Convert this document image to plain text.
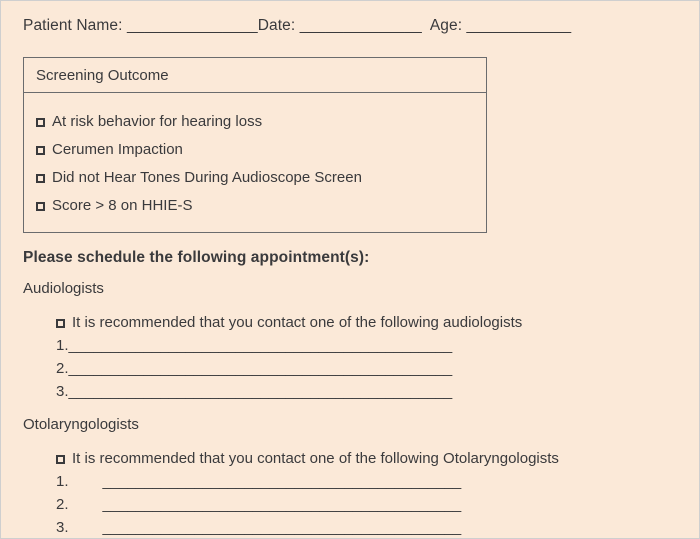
Patient Name: _______________Date: ______________ Age: ____________
Screening Outcome
At risk behavior for hearing loss
Cerumen Impaction
Did not Hear Tones During Audioscope Screen
Score > 8 on HHIE-S
Please schedule the following appointment(s):
Audiologists
It is recommended that you contact one of the following audiologists
1.______________________________________________
2.______________________________________________
3.______________________________________________
Otolaryngologists
It is recommended that you contact one of the following Otolaryngologists
1. ___________________________________________
2. ___________________________________________
3. ___________________________________________
